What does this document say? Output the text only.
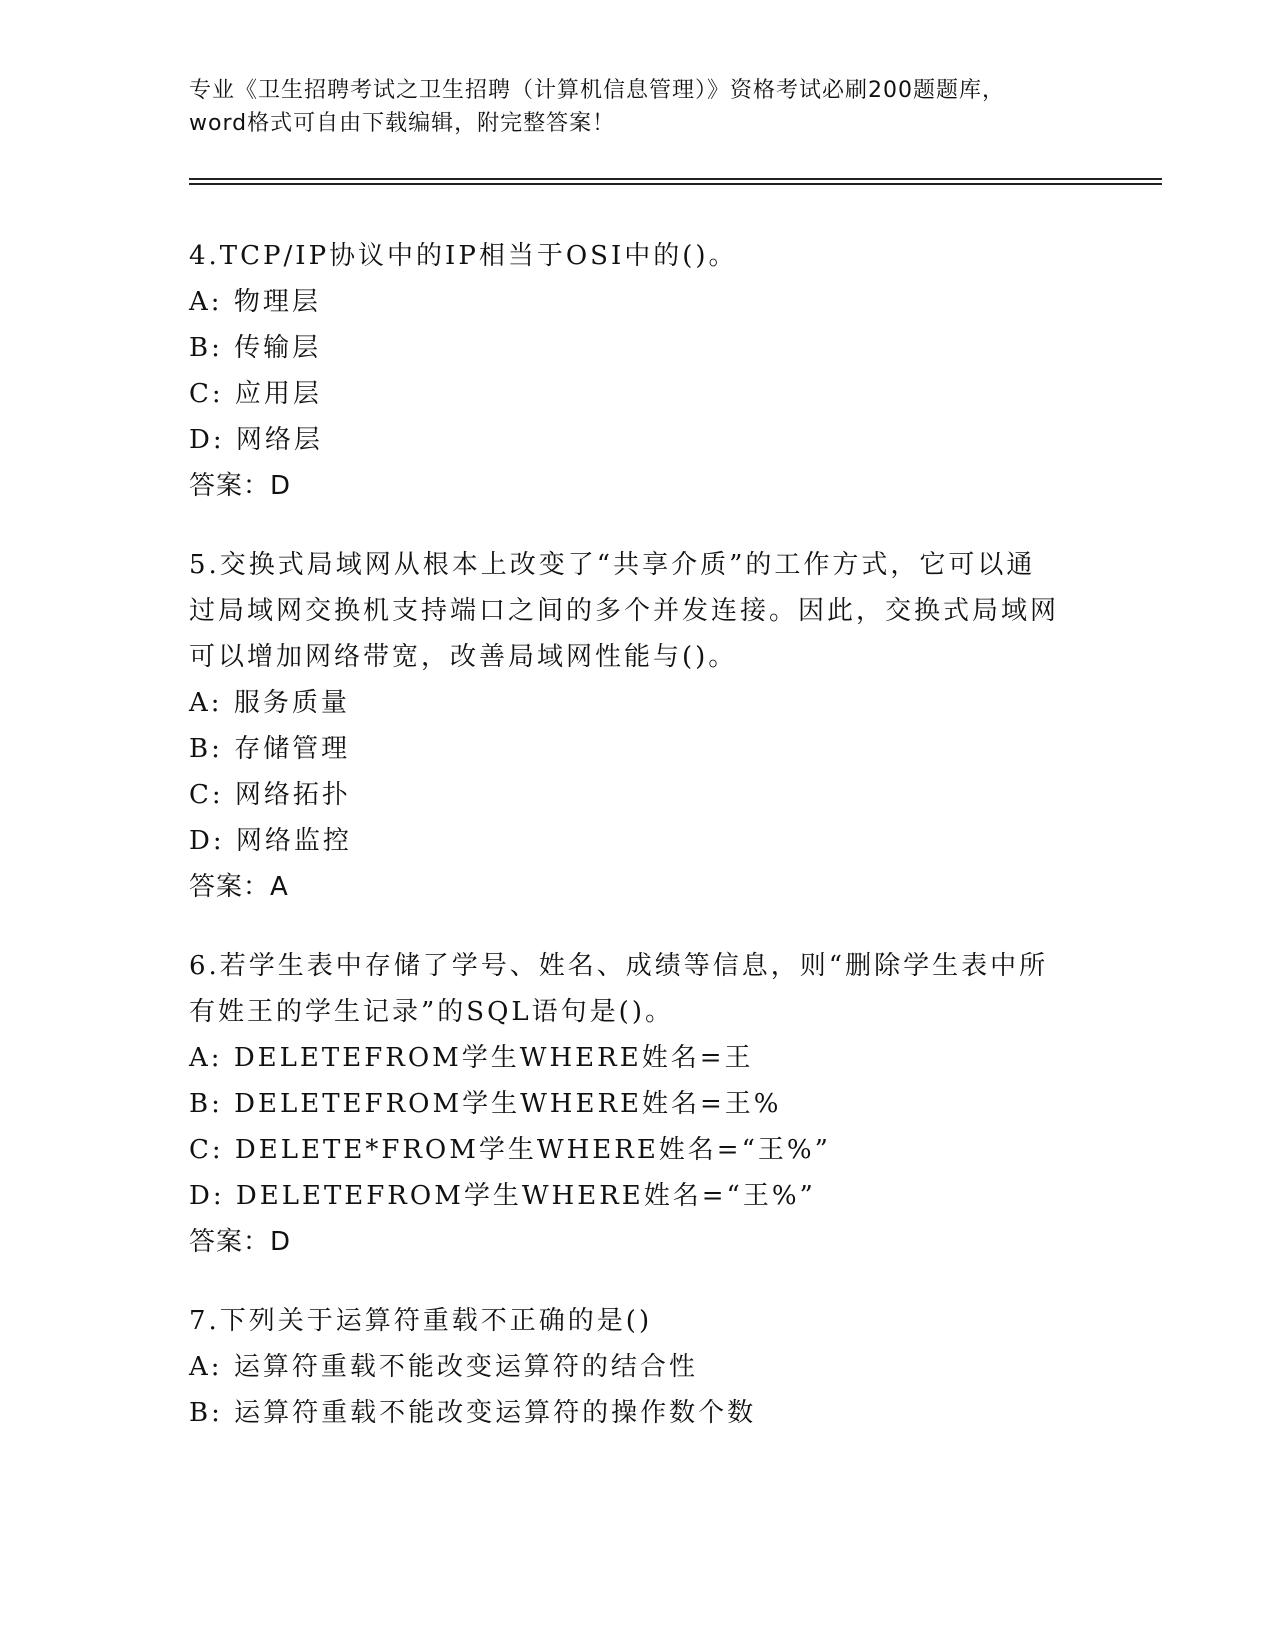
专业《卫生招聘考试之卫生招聘（计算机信息管理）》资格考试必刷200题题库，
word格式可自由下载编辑，附完整答案！
4.TCP/IP协议中的IP相当于OSI中的()。
A: 物理层
B: 传输层
C: 应用层
D: 网络层
答案：D
5.交换式局域网从根本上改变了“共享介质”的工作方式，它可以通
过局域网交换机支持端口之间的多个并发连接。因此，交换式局域网
可以增加网络带宽，改善局域网性能与()。
A: 服务质量
B: 存储管理
C: 网络拓扑
D: 网络监控
答案：A
6.若学生表中存储了学号、姓名、成绩等信息，则“删除学生表中所
有姓王的学生记录”的SQL语句是()。
A: DELETEFROM学生WHERE姓名=王
B: DELETEFROM学生WHERE姓名=王%
C: DELETE*FROM学生WHERE姓名=“王%”
D: DELETEFROM学生WHERE姓名=“王%”
答案：D
7.下列关于运算符重载不正确的是()
A: 运算符重载不能改变运算符的结合性
B: 运算符重载不能改变运算符的操作数个数
